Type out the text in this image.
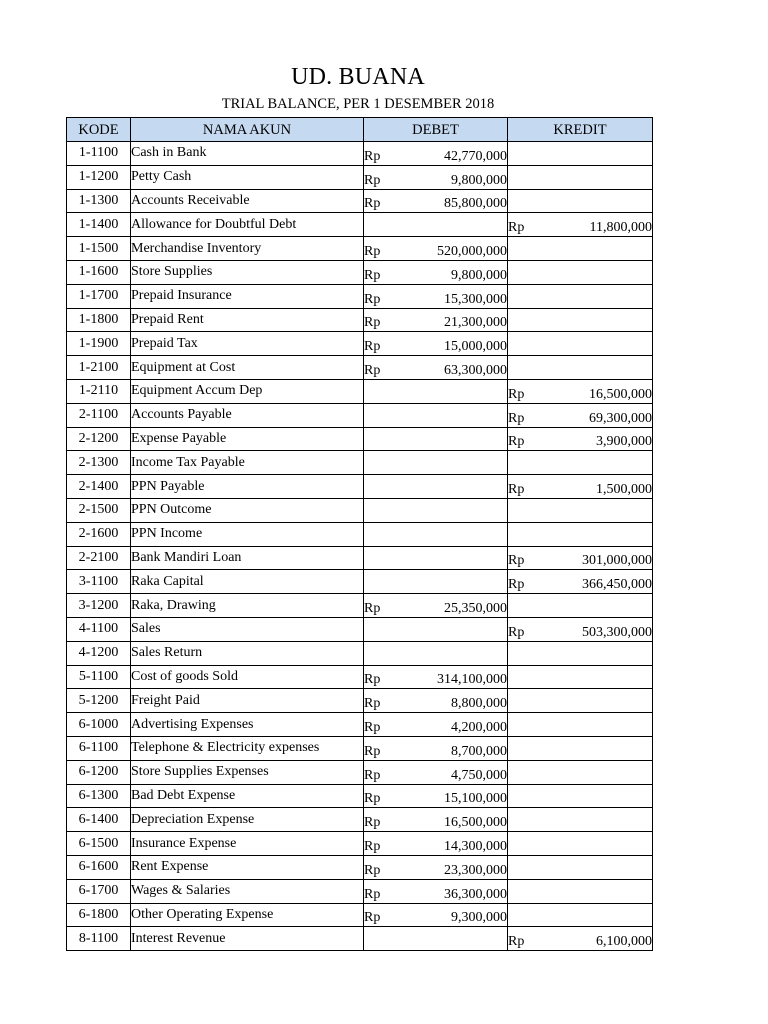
UD. BUANA
TRIAL BALANCE, PER 1 DESEMBER 2018
KODE	NAMA AKUN	DEBET	KREDIT
1-1100	Cash in Bank	Rp 42,770,000	

1-1200	Petty Cash	Rp 9,800,000	

1-1300	Accounts Receivable	Rp 85,800,000	

1-1400	Allowance for Doubtful Debt		Rp 11,800,000

1-1500	Merchandise Inventory	Rp 520,000,000	

1-1600	Store Supplies	Rp 9,800,000	

1-1700	Prepaid Insurance	Rp 15,300,000	

1-1800	Prepaid Rent	Rp 21,300,000	

1-1900	Prepaid Tax	Rp 15,000,000	

1-2100	Equipment at Cost	Rp 63,300,000	

1-2110	Equipment Accum Dep		Rp 16,500,000

2-1100	Accounts Payable		Rp 69,300,000

2-1200	Expense Payable		Rp 3,900,000

2-1300	Income Tax Payable		
2-1400	PPN Payable		Rp 1,500,000

2-1500	PPN Outcome		
2-1600	PPN Income		
2-2100	Bank Mandiri Loan		Rp 301,000,000

3-1100	Raka Capital		Rp 366,450,000

3-1200	Raka, Drawing	Rp 25,350,000	

4-1100	Sales		Rp 503,300,000

4-1200	Sales Return		
5-1100	Cost of goods Sold	Rp 314,100,000	

5-1200	Freight Paid	Rp 8,800,000	

6-1000	Advertising Expenses	Rp 4,200,000	

6-1100	Telephone & Electricity expenses	Rp 8,700,000	

6-1200	Store Supplies Expenses	Rp 4,750,000	

6-1300	Bad Debt Expense	Rp 15,100,000	

6-1400	Depreciation Expense	Rp 16,500,000	

6-1500	Insurance Expense	Rp 14,300,000	

6-1600	Rent Expense	Rp 23,300,000	

6-1700	Wages & Salaries	Rp 36,300,000	

6-1800	Other Operating Expense	Rp 9,300,000	

8-1100	Interest Revenue		Rp 6,100,000
